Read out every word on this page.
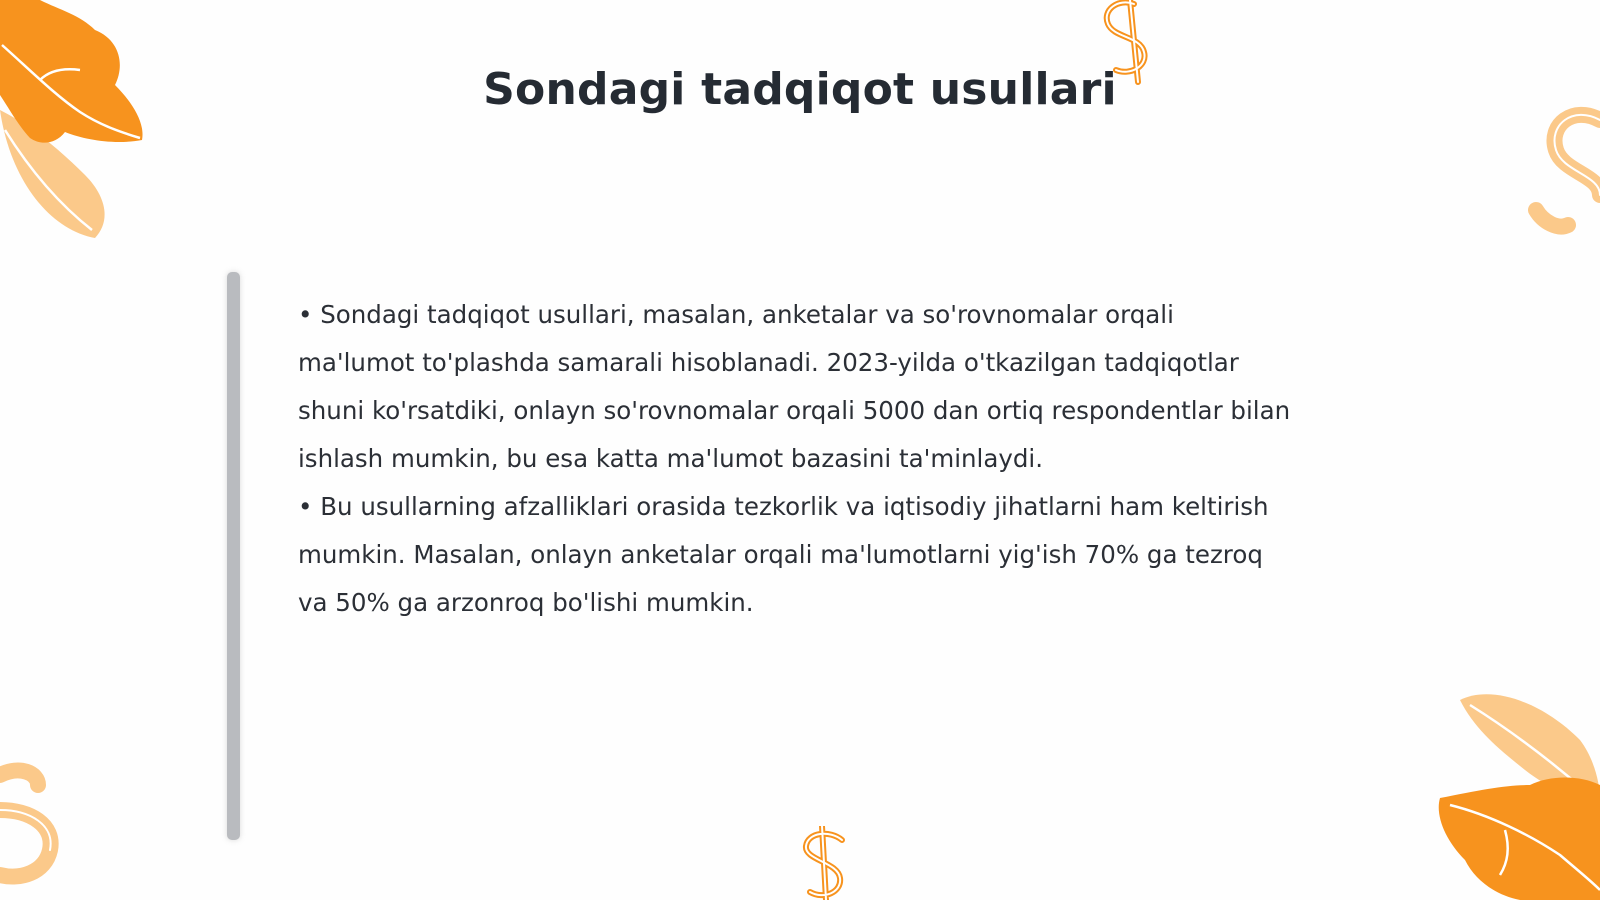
Sondagi tadqiqot usullari

• Sondagi tadqiqot usullari, masalan, anketalar va so'rovnomalar orqali ma'lumot to'plashda samarali hisoblanadi. 2023-yilda o'tkazilgan tadqiqotlar shuni ko'rsatdiki, onlayn so'rovnomalar orqali 5000 dan ortiq respondentlar bilan ishlash mumkin, bu esa katta ma'lumot bazasini ta'minlaydi.

• Bu usullarning afzalliklari orasida tezkorlik va iqtisodiy jihatlarni ham keltirish mumkin. Masalan, onlayn anketalar orqali ma'lumotlarni yig'ish 70% ga tezroq va 50% ga arzonroq bo'lishi mumkin.
